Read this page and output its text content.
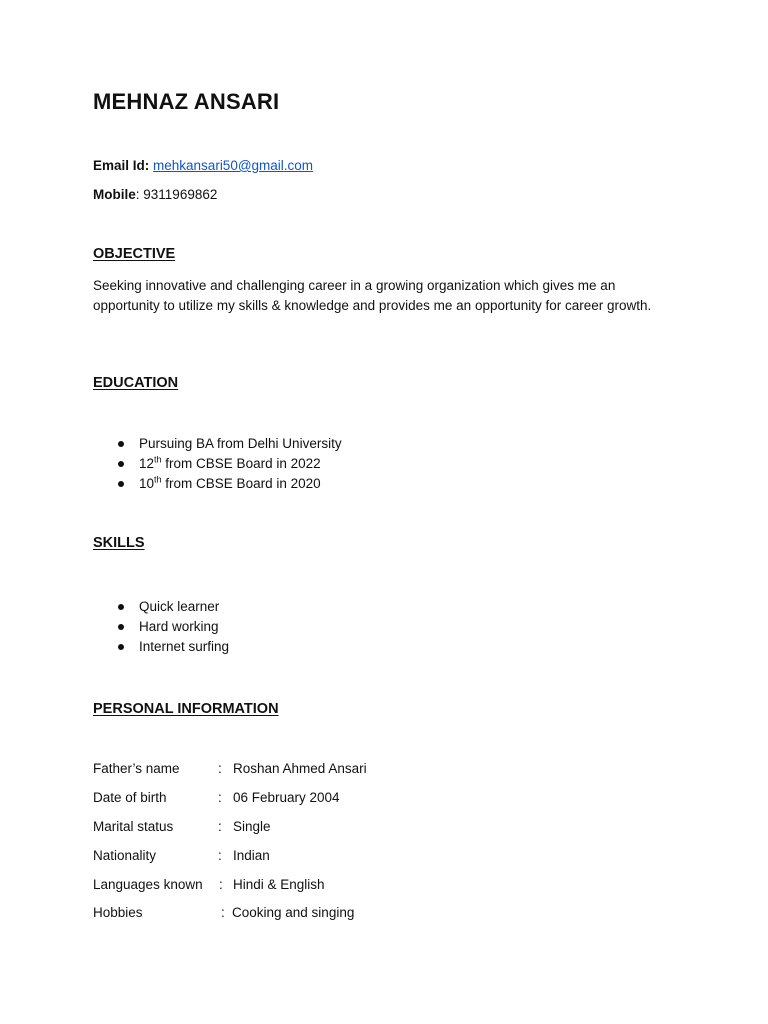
MEHNAZ ANSARI
Email Id: mehkansari50@gmail.com
Mobile: 9311969862
OBJECTIVE
Seeking innovative and challenging career in a growing organization which gives me an opportunity to utilize my skills & knowledge and provides me an opportunity for career growth.
EDUCATION
Pursuing BA from Delhi University
12th from CBSE Board in 2022
10th from CBSE Board in 2020
SKILLS
Quick learner
Hard working
Internet surfing
PERSONAL INFORMATION
Father’s name	: Roshan Ahmed Ansari
Date of birth	: 06 February 2004
Marital status	: Single
Nationality	: Indian
Languages known : Hindi & English
Hobbies	: Cooking and singing
